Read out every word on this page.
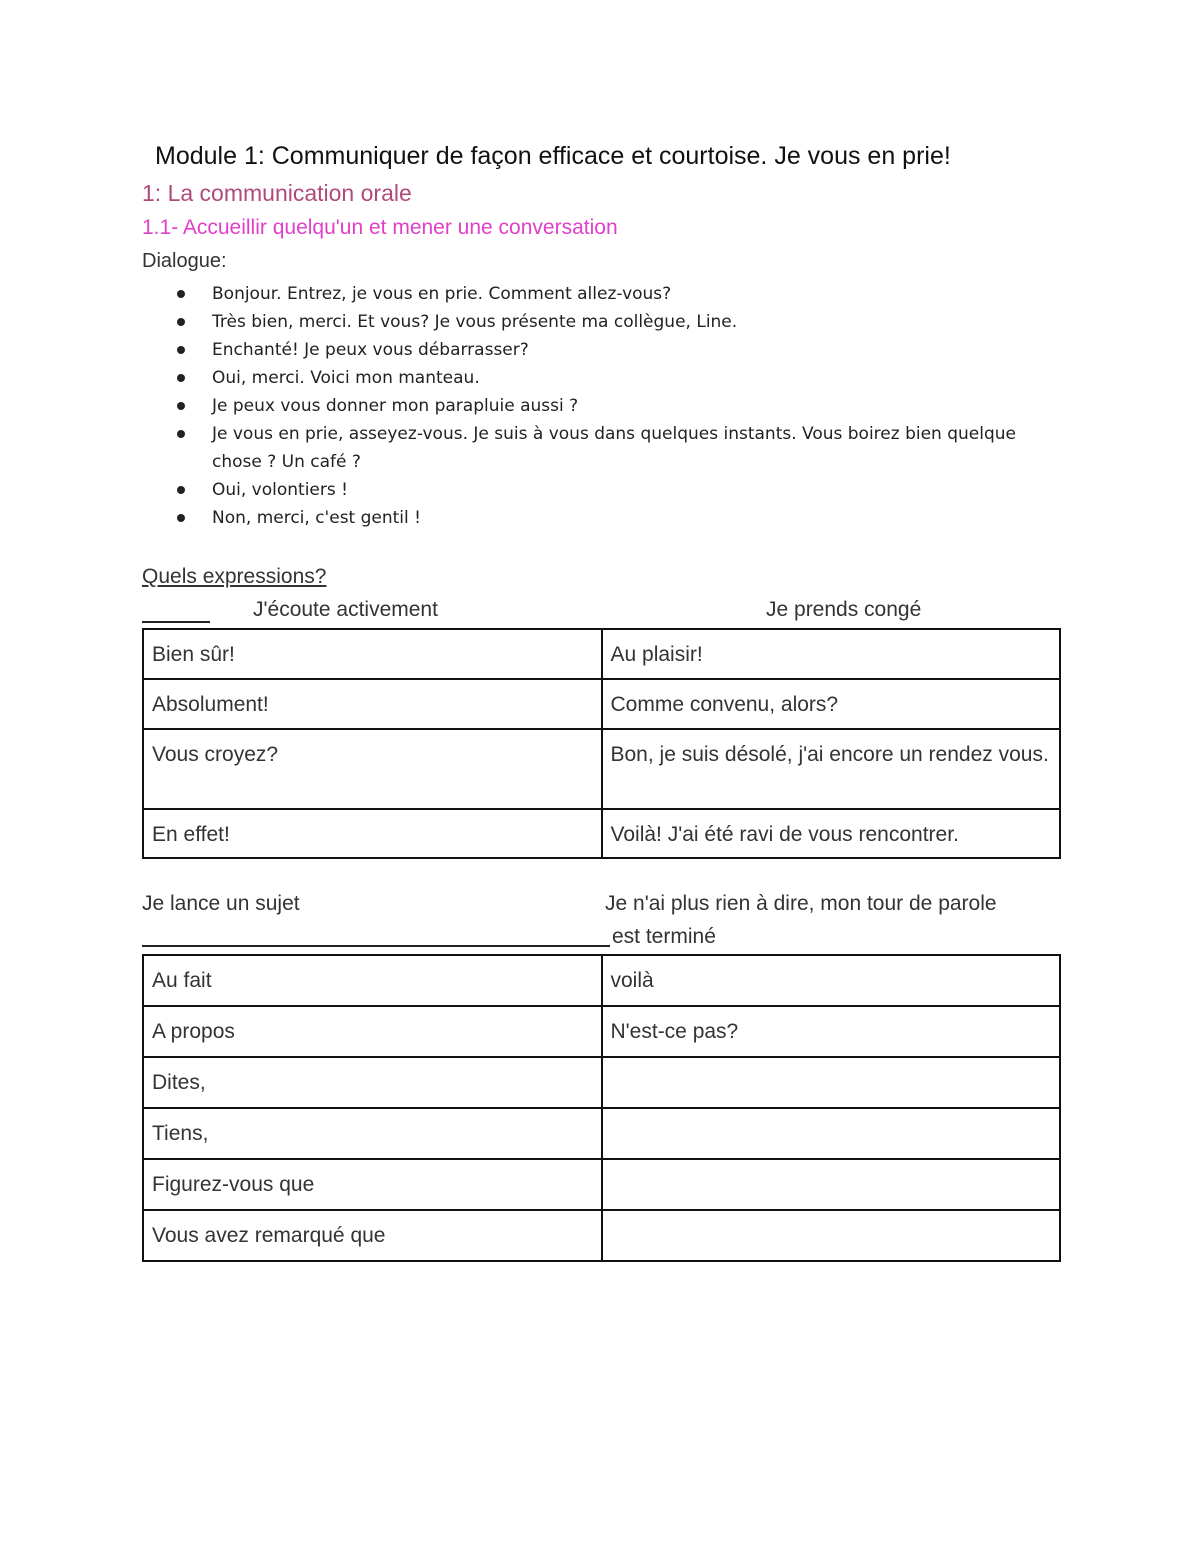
Module 1: Communiquer de façon efficace et courtoise. Je vous en prie!
1: La communication orale
1.1- Accueillir quelqu'un et mener une conversation
Dialogue:
Bonjour. Entrez, je vous en prie. Comment allez-vous?
Très bien, merci. Et vous? Je vous présente ma collègue, Line.
Enchanté! Je peux vous débarrasser?
Oui, merci. Voici mon manteau.
Je peux vous donner mon parapluie aussi ?
Je vous en prie, asseyez-vous. Je suis à vous dans quelques instants. Vous boirez bien quelque chose ? Un café ?
Oui, volontiers !
Non, merci, c'est gentil !
Quels expressions?
J'écoute activement	Je prends congé
Bien sûr!	Au plaisir!
Absolument!	Comme convenu, alors?
Vous croyez?	Bon, je suis désolé, j'ai encore un rendez vous.
En effet!	Voilà! J'ai été ravi de vous rencontrer.
Je lance un sujet	Je n'ai plus rien à dire, mon tour de parole
est terminé
Au fait	voilà
A propos	N'est-ce pas?
Dites,	
Tiens,	
Figurez-vous que	
Vous avez remarqué que	
